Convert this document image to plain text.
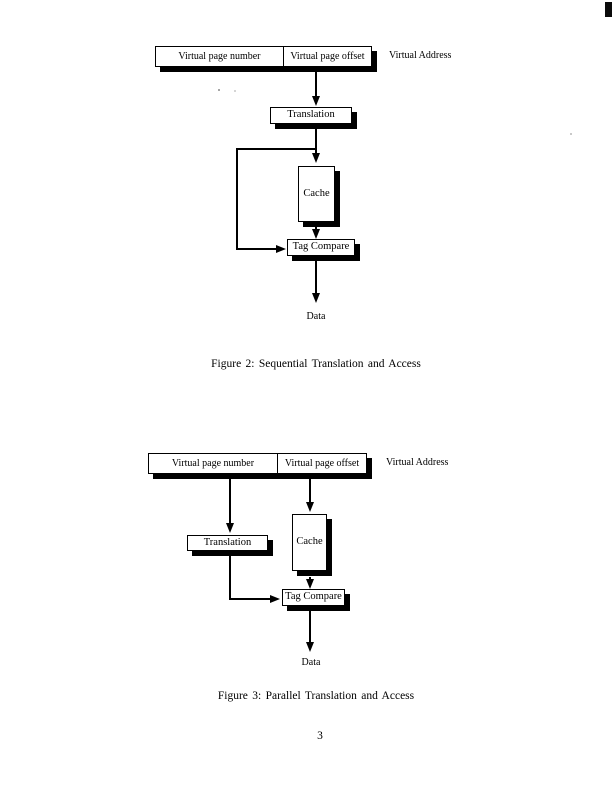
Virtual page number	Virtual page offset	Virtual Address
Translation
Cache
Tag Compare
Data
Figure 2: Sequential Translation and Access
Virtual page number	Virtual page offset	Virtual Address
Translation	Cache
Tag Compare
Data
Figure 3: Parallel Translation and Access
3
